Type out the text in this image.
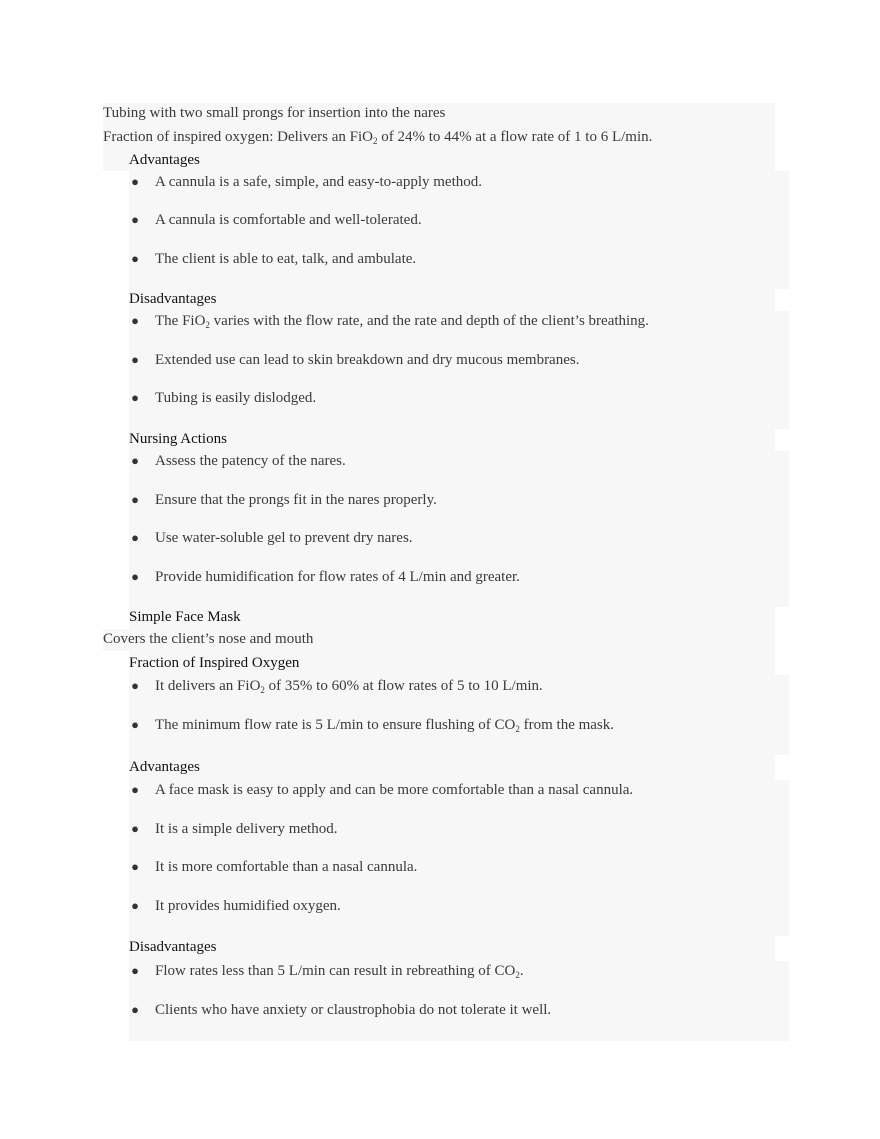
Tubing with two small prongs for insertion into the nares
Fraction of inspired oxygen: Delivers an FiO$_2$ of 24% to 44% at a flow rate of 1 to 6 L/min.
Advantages
● A cannula is a safe, simple, and easy-to-apply method.
● A cannula is comfortable and well-tolerated.
● The client is able to eat, talk, and ambulate.
Disadvantages
● The FiO$_2$ varies with the flow rate, and the rate and depth of the client’s breathing.
● Extended use can lead to skin breakdown and dry mucous membranes.
● Tubing is easily dislodged.
Nursing Actions
● Assess the patency of the nares.
● Ensure that the prongs fit in the nares properly.
● Use water-soluble gel to prevent dry nares.
● Provide humidification for flow rates of 4 L/min and greater.
Simple Face Mask
Covers the client’s nose and mouth
Fraction of Inspired Oxygen
● It delivers an FiO$_2$ of 35% to 60% at flow rates of 5 to 10 L/min.
● The minimum flow rate is 5 L/min to ensure flushing of $CO_2$ from the mask.
Advantages
● A face mask is easy to apply and can be more comfortable than a nasal cannula.
● It is a simple delivery method.
● It is more comfortable than a nasal cannula.
● It provides humidified oxygen.
Disadvantages
● Flow rates less than 5 L/min can result in rebreathing of $CO_2$.
● Clients who have anxiety or claustrophobia do not tolerate it well.
